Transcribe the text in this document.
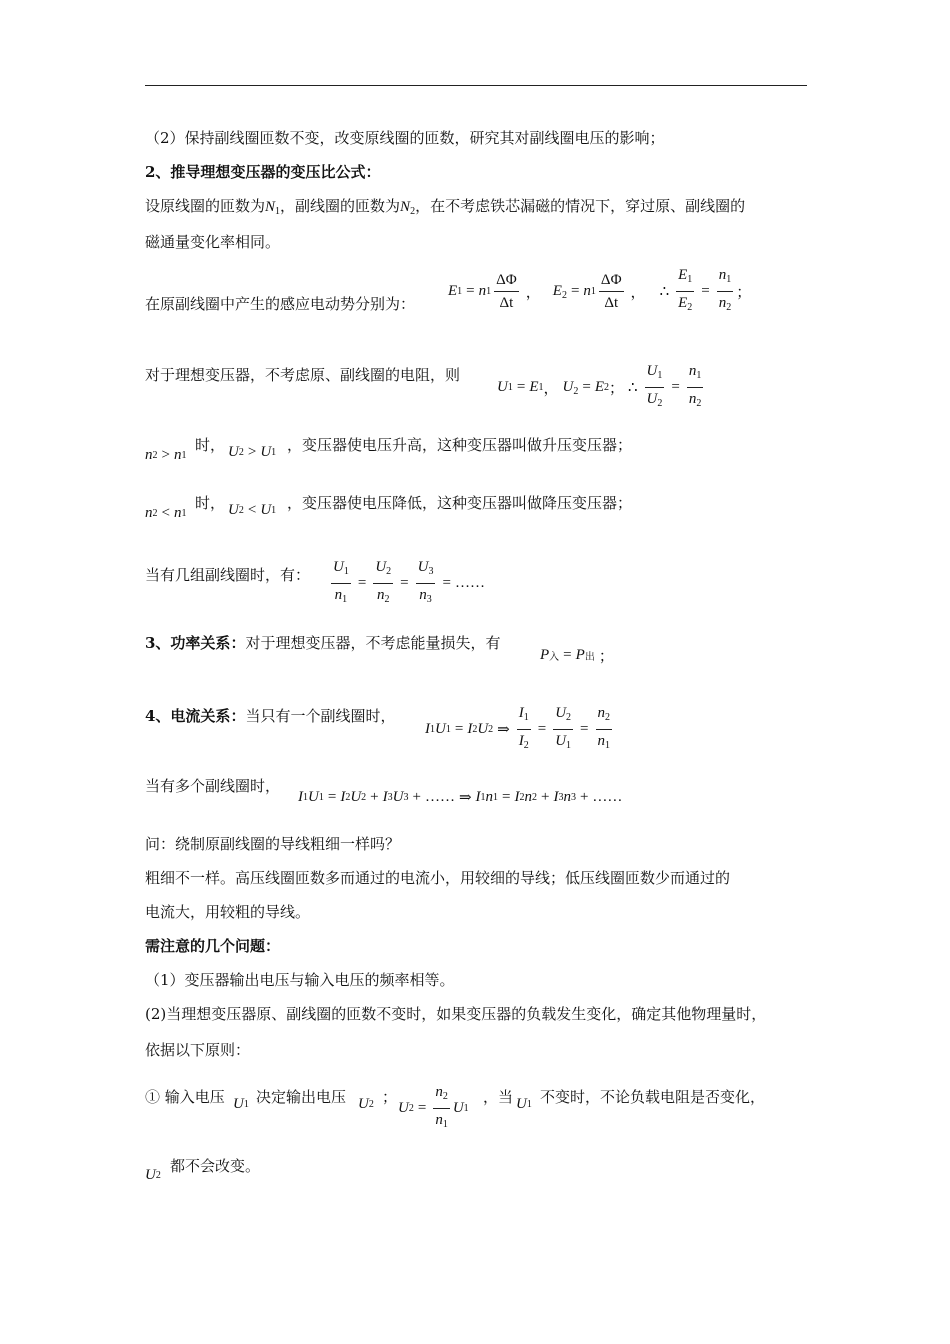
（2）保持副线圈匝数不变，改变原线圈的匝数，研究其对副线圈电压的影响；
2、推导理想变压器的变压比公式：
设原线圈的匝数为$N_1$，副线圈的匝数为$N_2$，在不考虑铁芯漏磁的情况下，穿过原、副线圈的
磁通量变化率相同。
在原副线圈中产生的感应电动势分别为：
E 1 = n 1
ΔΦ
Δt
， $E_2 = n$ 1
ΔΦ
Δt
， ∴ $\frac{E_1}{E_2} = \frac{n_1}{n_2}$ ；
对于理想变压器，不考虑原、副线圈的电阻，则
U 1 = E 1 ， $U_2 = E$ 2 ； ∴ $\frac{U_1}{U_2} = \frac{n_1}{n_2}$
n 2 > n 1
时， U 2 > U 1 ，变压器使电压升高，这种变压器叫做升压变压器；
n 2 < n 1
时， U 2 < U 1 ，变压器使电压降低，这种变压器叫做降压变压器；
当有几组副线圈时，有： $\frac{U_1}{n_1} = \frac{U_2}{n_2} = \frac{U_3}{n_3}$ = ……
3、功率关系：对于理想变压器，不考虑能量损失，有
P 入 = P 出 ；
4、电流关系：当只有一个副线圈时，
I 1 U 1 = I 2 U 2 ⇒ $\frac{I_1}{I_2} = \frac{U_2}{U_1} = \frac{n_2}{n_1}$
当有多个副线圈时，
I 1 U 1 = I 2 U 2 + I 3 U 3 + …… ⇒ I 1 n 1 = I 2 n 2 + I 3 n 3 + ……
问：绕制原副线圈的导线粗细一样吗？
粗细不一样。高压线圈匝数多而通过的电流小，用较细的导线；低压线圈匝数少而通过的
电流大，用较粗的导线。
需注意的几个问题：
（1）变压器输出电压与输入电压的频率相等。
(2)当理想变压器原、副线圈的匝数不变时，如果变压器的负载发生变化，确定其他物理量时，
依据以下原则：
① 输入电压 U 1 决定输出电压 U 2 ；
U $2 = \frac{n_2}{n_1}$ U 1
，当 U 1 不变时，不论负载电阻是否变化，
U 2
都不会改变。
